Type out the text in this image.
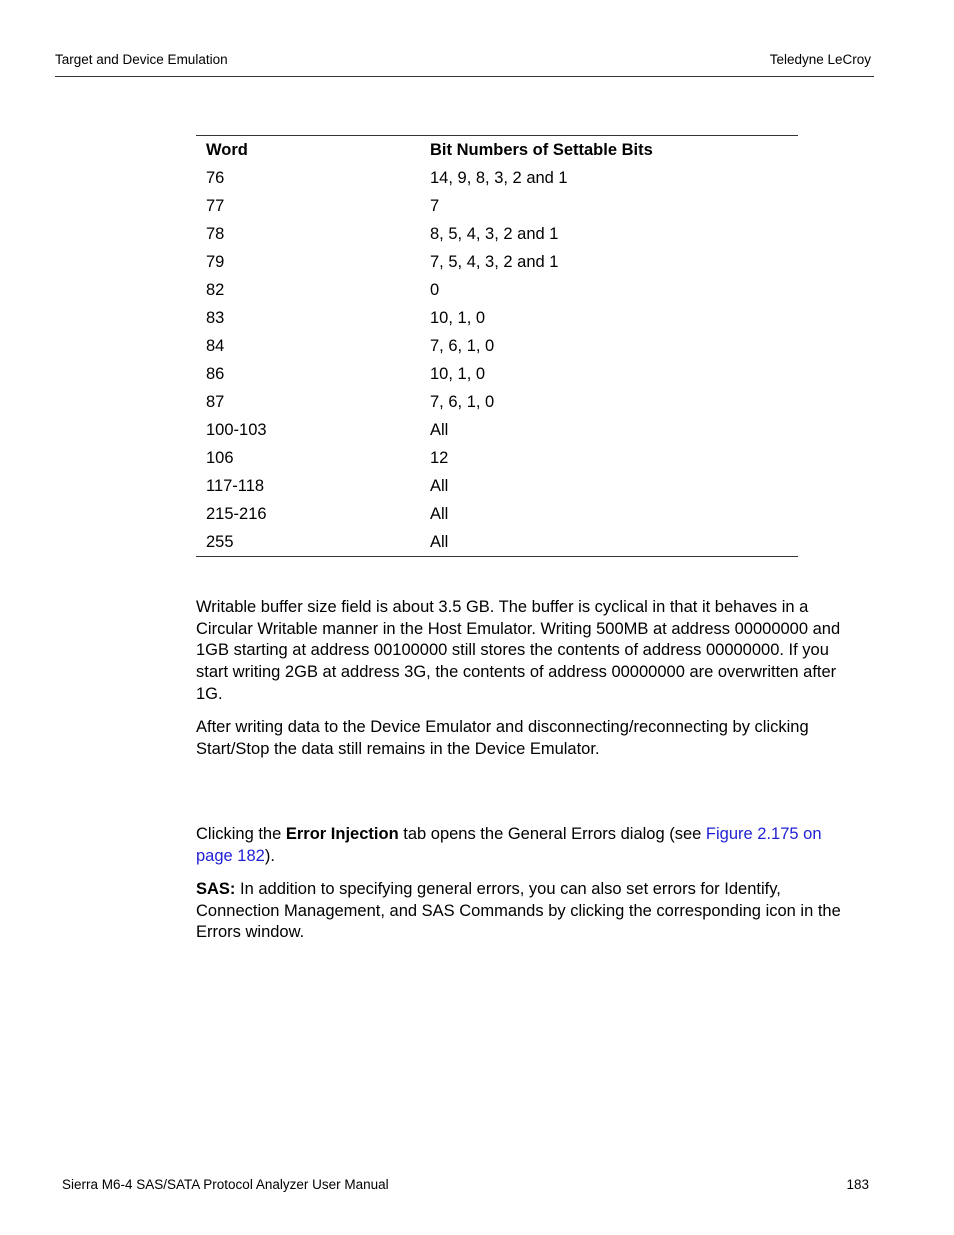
Target and Device Emulation	Teledyne LeCroy
Word	Bit Numbers of Settable Bits
76	14, 9, 8, 3, 2 and 1
77	7
78	8, 5, 4, 3, 2 and 1
79	7, 5, 4, 3, 2 and 1
82	0
83	10, 1, 0
84	7, 6, 1, 0
86	10, 1, 0
87	7, 6, 1, 0
100-103	All
106	12
117-118	All
215-216	All
255	All

Writable buffer size field is about 3.5 GB. The buffer is cyclical in that it behaves in a
Circular Writable manner in the Host Emulator. Writing 500MB at address 00000000 and
1GB starting at address 00100000 still stores the contents of address 00000000. If you
start writing 2GB at address 3G, the contents of address 00000000 are overwritten after
1G.

After writing data to the Device Emulator and disconnecting/reconnecting by clicking
Start/Stop the data still remains in the Device Emulator.

Clicking the Error Injection tab opens the General Errors dialog (see Figure 2.175 on
page 182).

SAS: In addition to specifying general errors, you can also set errors for Identify,
Connection Management, and SAS Commands by clicking the corresponding icon in the
Errors window.

Sierra M6-4 SAS/SATA Protocol Analyzer User Manual	183
